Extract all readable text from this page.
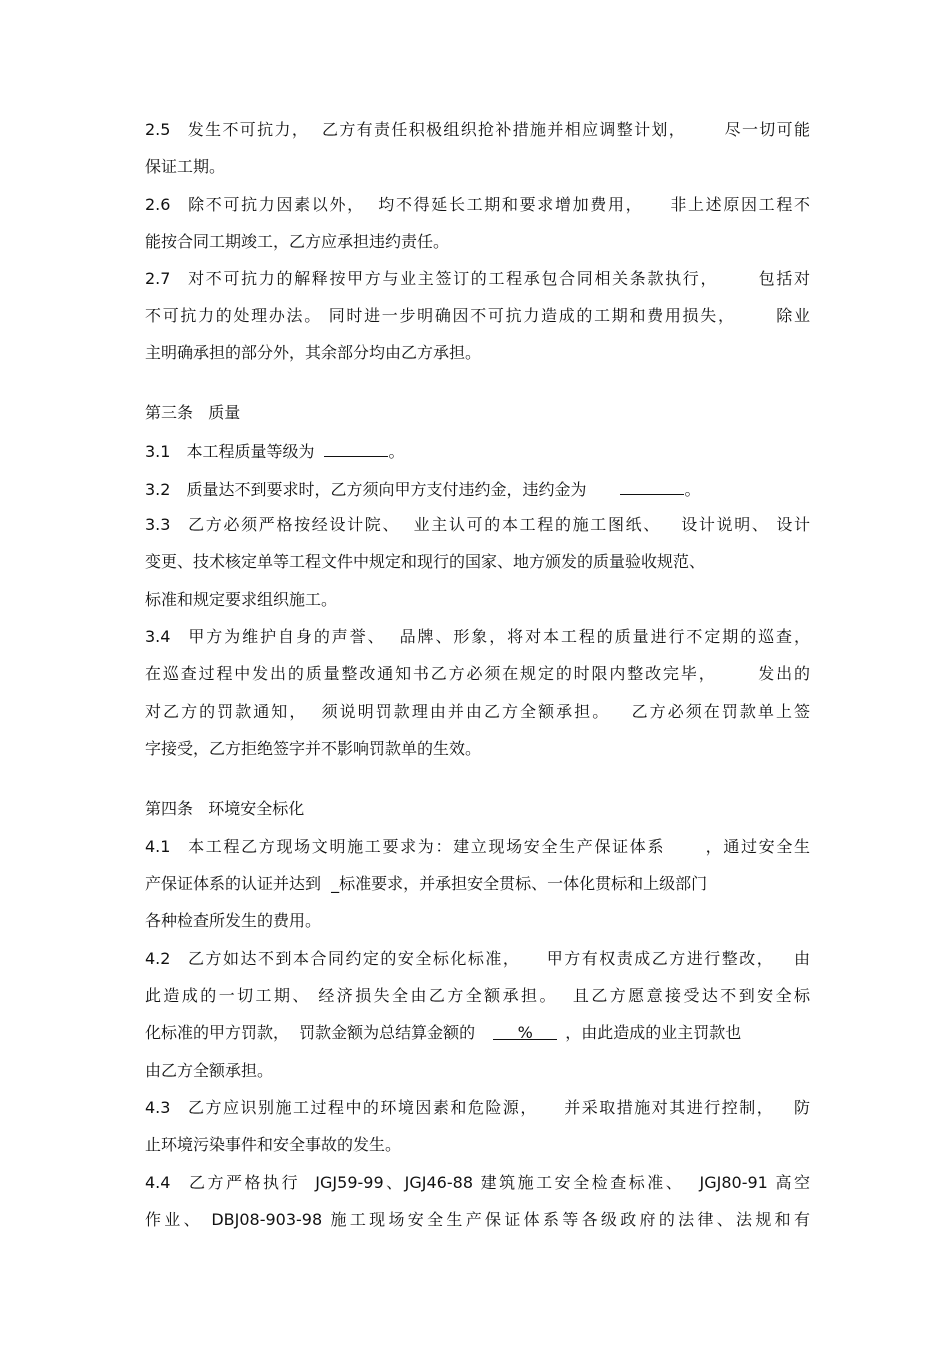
2.5 发生不可抗力，  乙方有责任积极组织抢补措施并相应调整计划，      尽一切可能
保证工期。
2.6 除不可抗力因素以外，  均不得延长工期和要求增加费用，    非上述原因工程不
能按合同工期竣工，乙方应承担违约责任。
2.7 对不可抗力的解释按甲方与业主签订的工程承包合同相关条款执行，      包括对
不可抗力的处理办法。 同时进一步明确因不可抗力造成的工期和费用损失，      除业
主明确承担的部分外，其余部分均由乙方承担。
第三条   质量
3.1 本工程质量等级为	。
3.2 质量达不到要求时，乙方须向甲方支付违约金，违约金为	。
3.3 乙方必须严格按经设计院、  业主认可的本工程的施工图纸、   设计说明、 设计
变更、技术核定单等工程文件中规定和现行的国家、地方颁发的质量验收规范、
标准和规定要求组织施工。
3.4 甲方为维护自身的声誉、  品牌、形象，将对本工程的质量进行不定期的巡查，
在巡查过程中发出的质量整改通知书乙方必须在规定的时限内整改完毕，      发出的
对乙方的罚款通知，  须说明罚款理由并由乙方全额承担。   乙方必须在罚款单上签
字接受，乙方拒绝签字并不影响罚款单的生效。
第四条   环境安全标化
4.1 本工程乙方现场文明施工要求为：建立现场安全生产保证体系      ，通过安全生
产保证体系的认证并达到  _标准要求，并承担安全贯标、一体化贯标和上级部门
各种检查所发生的费用。
4.2 乙方如达不到本合同约定的安全标化标准，    甲方有权责成乙方进行整改，   由
此造成的一切工期、 经济损失全由乙方全额承担。  且乙方愿意接受达不到安全标
化标准的甲方罚款，  罚款金额为总结算金额的	% ，由此造成的业主罚款也
由乙方全额承担。
4.3 乙方应识别施工过程中的环境因素和危险源，    并采取措施对其进行控制，   防
止环境污染事件和安全事故的发生。
4.4 乙方严格执行  JGJ59-99、JGJ46-88 建筑施工安全检查标准、  JGJ80-91 高空
作业、 DBJ08-903-98 施工现场安全生产保证体系等各级政府的法律、法规和有
